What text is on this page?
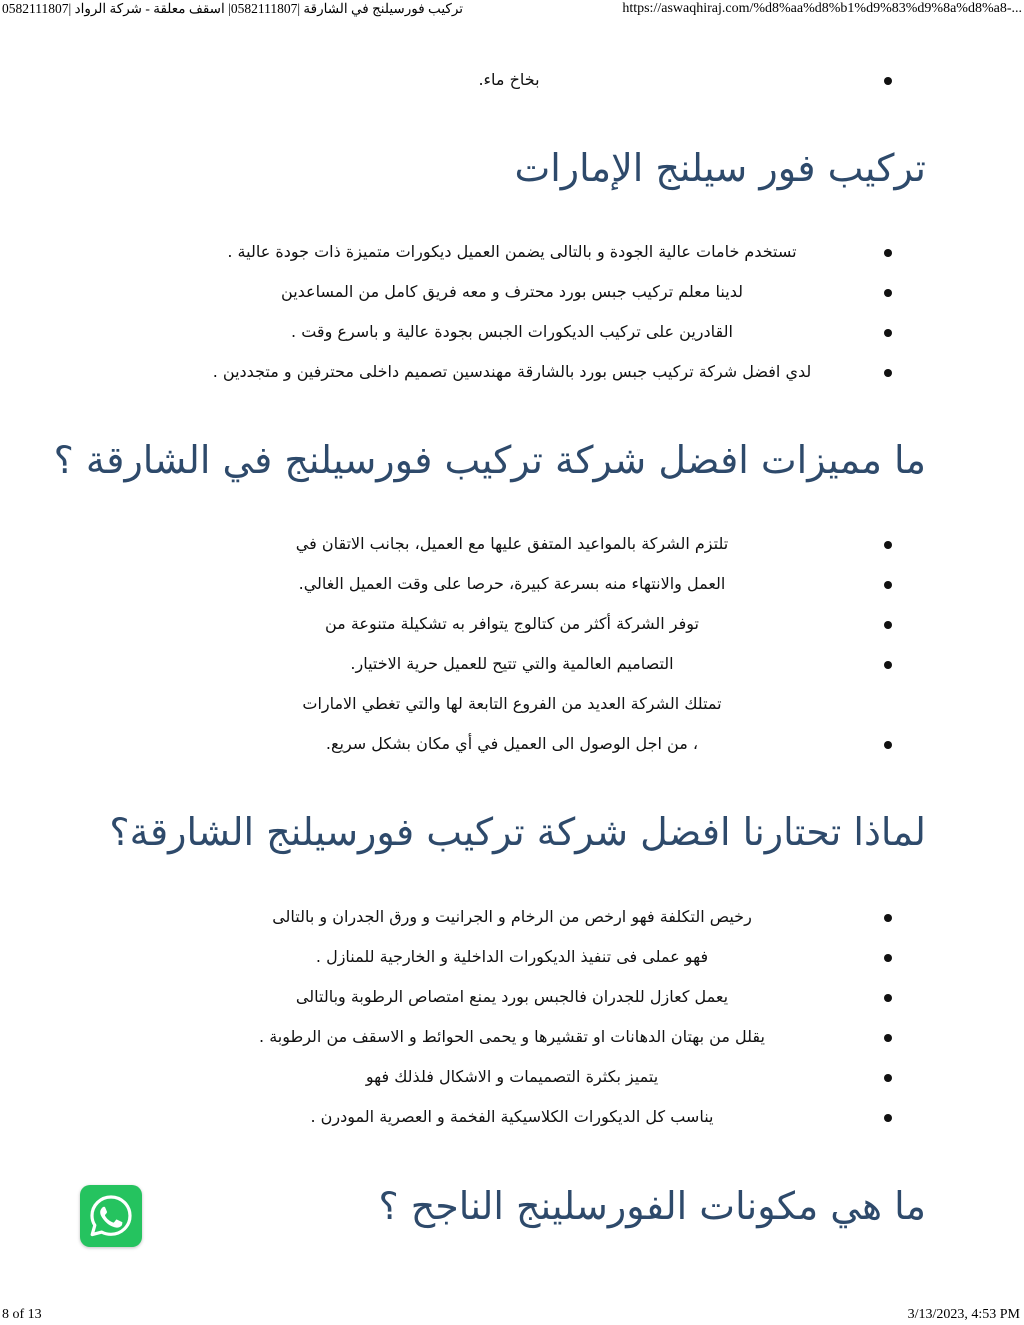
تركيب فورسيلنج في الشارقة |0582111807| اسقف معلقة - شركة الرواد |0582111807	https://aswaqhiraj.com/%d8%aa%d8%b1%d9%83%d9%8a%d8%a8-...
بخاخ ماء.
تركيب فور سيلنج الإمارات
تستخدم خامات عالية الجودة و بالتالى يضمن العميل ديكورات متميزة ذات جودة عالية .
لدينا معلم تركيب جبس بورد محترف و معه فريق كامل من المساعدين
القادرين على تركيب الديكورات الجبس بجودة عالية و باسرع وقت .
لدي افضل شركة تركيب جبس بورد بالشارقة مهندسين تصميم داخلى محترفين و متجددين .
ما مميزات افضل شركة تركيب فورسيلنج في الشارقة ؟
تلتزم الشركة بالمواعيد المتفق عليها مع العميل، بجانب الاتقان في
العمل والانتهاء منه بسرعة كبيرة، حرصا على وقت العميل الغالي.
توفر الشركة أكثر من كتالوج يتوافر به تشكيلة متنوعة من
التصاميم العالمية والتي تتيح للعميل حرية الاختيار.
تمتلك الشركة العديد من الفروع التابعة لها والتي تغطي الامارات
، من اجل الوصول الى العميل في أي مكان بشكل سريع.
لماذا تحتارنا افضل شركة تركيب فورسيلنج الشارقة؟
رخيص التكلفة فهو ارخص من الرخام و الجرانيت و ورق الجدران و بالتالى
فهو عملى فى تنفيذ الديكورات الداخلية و الخارجية للمنازل .
يعمل كعازل للجدران فالجبس بورد يمنع امتصاص الرطوبة وبالتالى
يقلل من بهتان الدهانات او تقشيرها و يحمى الحوائط و الاسقف من الرطوبة .
يتميز بكثرة التصميمات و الاشكال فلذلك فهو
يناسب كل الديكورات الكلاسيكية الفخمة و العصرية المودرن .
ما هي مكونات الفورسلينج الناجح ؟
8 of 13	3/13/2023, 4:53 PM
